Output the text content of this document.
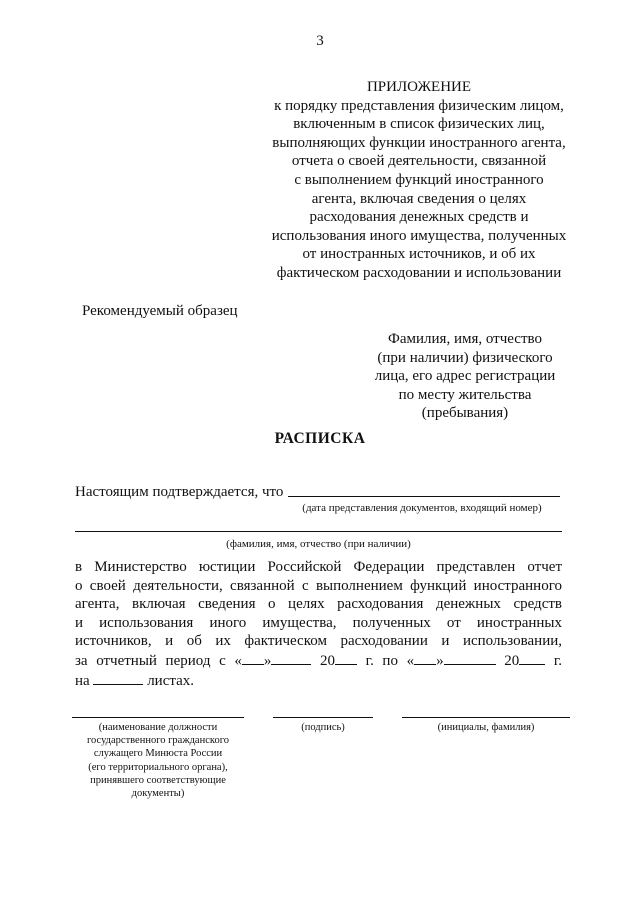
3
ПРИЛОЖЕНИЕ
к порядку представления физическим лицом,
включенным в список физических лиц,
выполняющих функции иностранного агента,
отчета о своей деятельности, связанной
с выполнением функций иностранного
агента, включая сведения о целях
расходования денежных средств и
использования иного имущества, полученных
от иностранных источников, и об их
фактическом расходовании и использовании
Рекомендуемый образец
Фамилия, имя, отчество
(при наличии) физического
лица, его адрес регистрации
по месту жительства
(пребывания)
РАСПИСКА
Настоящим подтверждается, что
(дата представления документов, входящий номер)
(фамилия, имя, отчество (при наличии)
в Министерство юстиции Российской Федерации представлен отчет
о своей деятельности, связанной с выполнением функций иностранного
агента, включая сведения о целях расходования денежных средств
и использования иного имущества, полученных от иностранных
источников, и об их фактическом расходовании и использовании,
за отчетный период с « »	20 г. по « »	20 г.
на	листах.
(наименование должности
государственного гражданского
служащего Минюста России
(его территориального органа),
принявшего соответствующие
документы)
(подпись)	(инициалы, фамилия)
